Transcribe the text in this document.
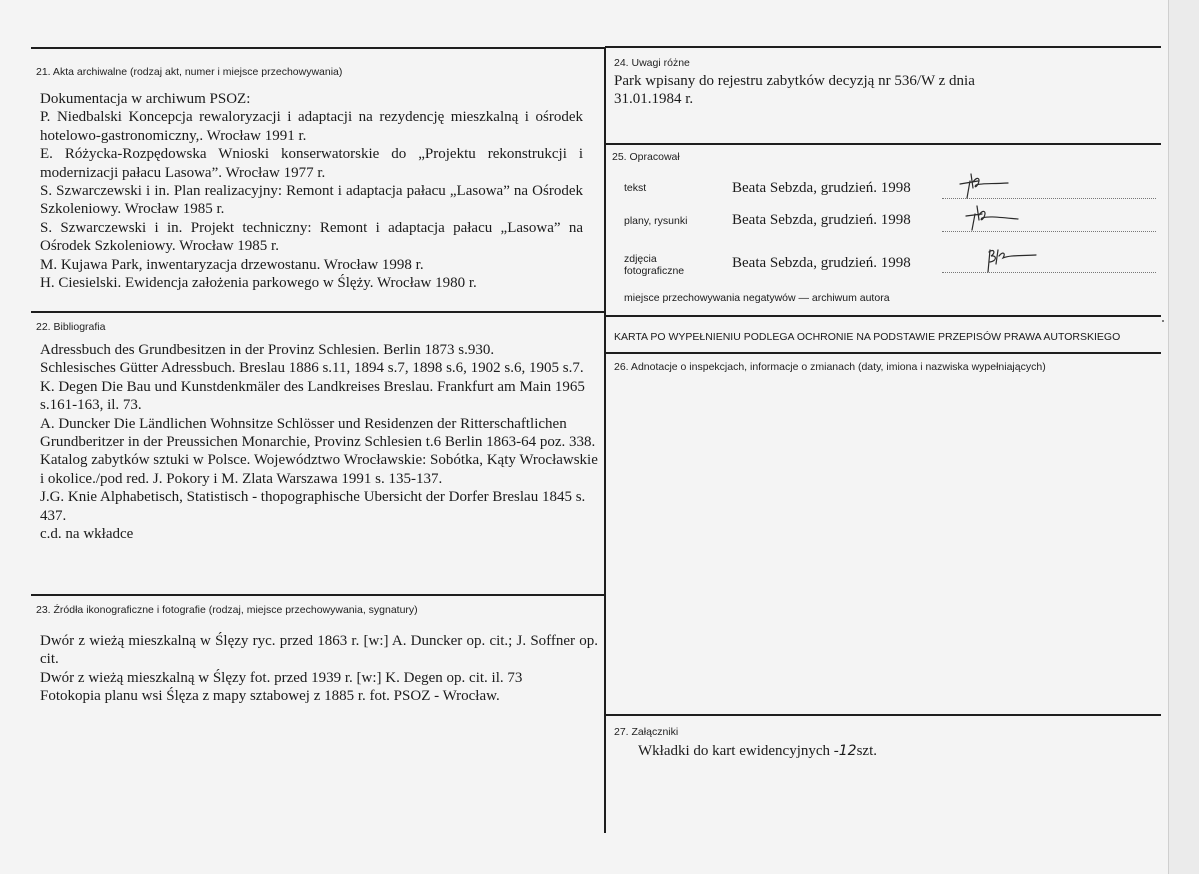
21. Akta archiwalne (rodzaj akt, numer i miejsce przechowywania)

Dokumentacja w archiwum PSOZ:

P. Niedbalski Koncepcja rewaloryzacji i adaptacji na rezydencję mieszkalną i ośrodek hotelowo-gastronomiczny,. Wrocław 1991 r.

E. Różycka-Rozpędowska Wnioski konserwatorskie do „Projektu rekonstrukcji i modernizacji pałacu Lasowa”. Wrocław 1977 r.

S. Szwarczewski i in. Plan realizacyjny: Remont i adaptacja pałacu „Lasowa” na Ośrodek Szkoleniowy. Wrocław 1985 r.

S. Szwarczewski i in. Projekt techniczny: Remont i adaptacja pałacu „Lasowa” na Ośrodek Szkoleniowy. Wrocław 1985 r.

M. Kujawa Park, inwentaryzacja drzewostanu. Wrocław 1998 r.

H. Ciesielski. Ewidencja założenia parkowego w Ślęży. Wrocław 1980 r.

22. Bibliografia

Adressbuch des Grundbesitzen in der Provinz Schlesien. Berlin 1873 s.930.

Schlesisches Gütter Adressbuch. Breslau 1886 s.11, 1894 s.7, 1898 s.6, 1902 s.6, 1905 s.7.

K. Degen Die Bau und Kunstdenkmäler des Landkreises Breslau. Frankfurt am Main 1965 s.161-163, il. 73.

A. Duncker Die Ländlichen Wohnsitze Schlösser und Residenzen der Ritterschaftlichen Grundberitzer in der Preussichen Monarchie, Provinz Schlesien t.6 Berlin 1863-64 poz. 338.

Katalog zabytków sztuki w Polsce. Województwo Wrocławskie: Sobótka, Kąty Wrocławskie i okolice./pod red. J. Pokory i M. Zlata Warszawa 1991 s. 135-137.

J.G. Knie Alphabetisch, Statistisch - thopographische Ubersicht der Dorfer Breslau 1845 s. 437.

c.d. na wkładce

23. Źródła ikonograficzne i fotografie (rodzaj, miejsce przechowywania, sygnatury)

Dwór z wieżą mieszkalną w Ślęzy ryc. przed 1863 r. [w:] A. Duncker op. cit.; J. Soffner op. cit.

Dwór z wieżą mieszkalną w Ślęzy fot. przed 1939 r. [w:] K. Degen op. cit. il. 73

Fotokopia planu wsi Ślęza z mapy sztabowej z 1885 r. fot. PSOZ - Wrocław.

24. Uwagi różne
Park wpisany do rejestru zabytków decyzją nr 536/W z dnia 31.01.1984 r.
25. Opracował
tekst	Beata Sebzda, grudzień. 1998
plany, rysunki	Beata Sebzda, grudzień. 1998
zdjęcia fotograficzne	Beata Sebzda, grudzień. 1998
miejsce przechowywania negatywów — archiwum autora
KARTA PO WYPEŁNIENIU PODLEGA OCHRONIE NA PODSTAWIE PRZEPISÓW PRAWA AUTORSKIEGO
26. Adnotacje o inspekcjach, informacje o zmianach (daty, imiona i nazwiska wypełniających)
27. Załączniki
Wkładki do kart ewidencyjnych -12szt.
